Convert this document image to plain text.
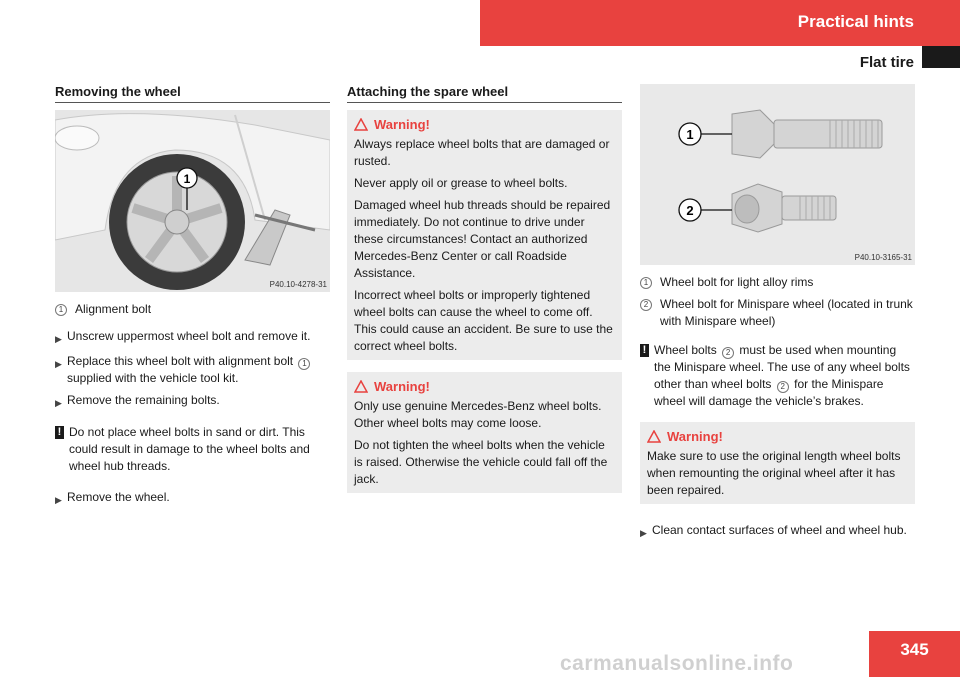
Practical hints
Flat tire
Removing the wheel
1
P40.10-4278-31
1 Alignment bolt
▶ Unscrew uppermost wheel bolt and remove it.
▶ Replace this wheel bolt with alignment bolt 1 supplied with the vehicle tool kit.
▶ Remove the remaining bolts.
! Do not place wheel bolts in sand or dirt. This could result in damage to the wheel bolts and wheel hub threads.
▶ Remove the wheel.
Attaching the spare wheel
Warning!

Always replace wheel bolts that are damaged or rusted.

Never apply oil or grease to wheel bolts.

Damaged wheel hub threads should be repaired immediately. Do not continue to drive under these circumstances! Contact an authorized Mercedes-Benz Center or call Roadside Assistance.

Incorrect wheel bolts or improperly tightened wheel bolts can cause the wheel to come off. This could cause an accident. Be sure to use the correct wheel bolts.

Warning!

Only use genuine Mercedes-Benz wheel bolts. Other wheel bolts may come loose.

Do not tighten the wheel bolts when the vehicle is raised. Otherwise the vehicle could fall off the jack.

1
2
P40.10-3165-31
1 Wheel bolt for light alloy rims
2 Wheel bolt for Minispare wheel (located in trunk with Minispare wheel)
! Wheel bolts 2 must be used when mounting the Minispare wheel. The use of any wheel bolts other than wheel bolts 2 for the Minispare wheel will damage the vehicle’s brakes.
Warning!

Make sure to use the original length wheel bolts when remounting the original wheel after it has been repaired.

▶ Clean contact surfaces of wheel and wheel hub.
345
carmanualsonline.info
